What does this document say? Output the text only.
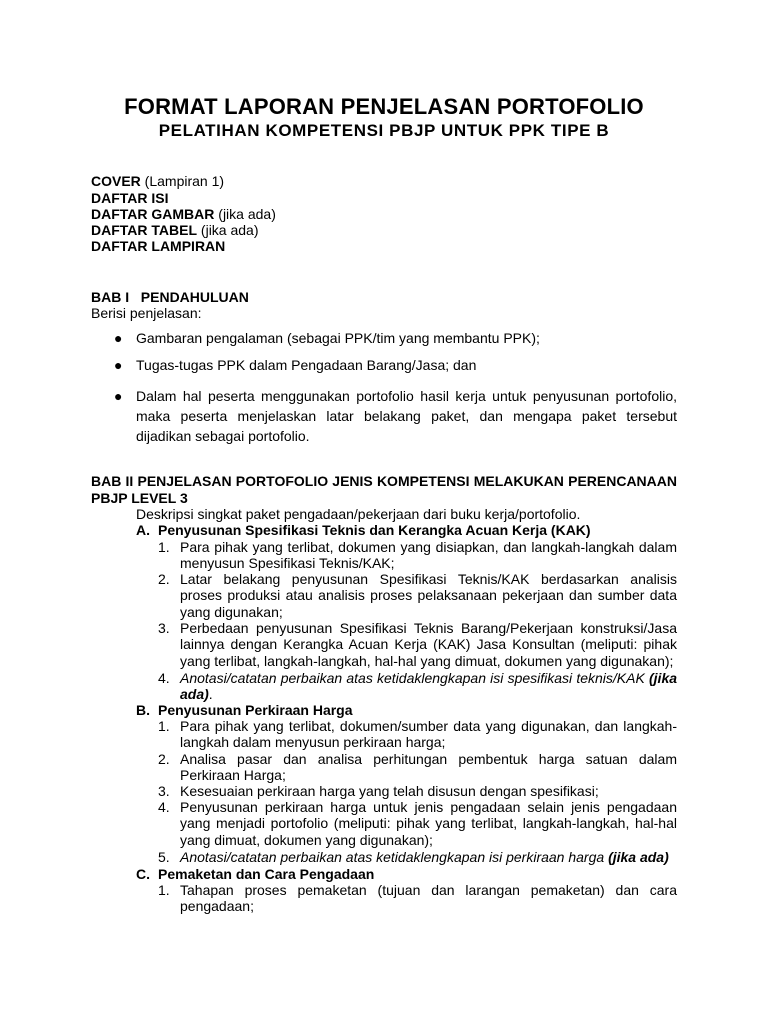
FORMAT LAPORAN PENJELASAN PORTOFOLIO
PELATIHAN KOMPETENSI PBJP UNTUK PPK TIPE B
COVER (Lampiran 1)
DAFTAR ISI
DAFTAR GAMBAR (jika ada)
DAFTAR TABEL (jika ada)
DAFTAR LAMPIRAN
BAB I   PENDAHULUAN
Berisi penjelasan:
● Gambaran pengalaman (sebagai PPK/tim yang membantu PPK);
● Tugas-tugas PPK dalam Pengadaan Barang/Jasa; dan
● Dalam hal peserta menggunakan portofolio hasil kerja untuk penyusunan portofolio, maka peserta menjelaskan latar belakang paket, dan mengapa paket tersebut dijadikan sebagai portofolio.
BAB II PENJELASAN PORTOFOLIO JENIS KOMPETENSI MELAKUKAN PERENCANAAN PBJP LEVEL 3
Deskripsi singkat paket pengadaan/pekerjaan dari buku kerja/portofolio.
A. Penyusunan Spesifikasi Teknis dan Kerangka Acuan Kerja (KAK)
1. Para pihak yang terlibat, dokumen yang disiapkan, dan langkah-langkah dalam menyusun Spesifikasi Teknis/KAK;
2. Latar belakang penyusunan Spesifikasi Teknis/KAK berdasarkan analisis proses produksi atau analisis proses pelaksanaan pekerjaan dan sumber data yang digunakan;
3. Perbedaan penyusunan Spesifikasi Teknis Barang/Pekerjaan konstruksi/Jasa lainnya dengan Kerangka Acuan Kerja (KAK) Jasa Konsultan (meliputi: pihak yang terlibat, langkah-langkah, hal-hal yang dimuat, dokumen yang digunakan);
4. Anotasi/catatan perbaikan atas ketidaklengkapan isi spesifikasi teknis/KAK (jika ada).
B. Penyusunan Perkiraan Harga
1. Para pihak yang terlibat, dokumen/sumber data yang digunakan, dan langkah-langkah dalam menyusun perkiraan harga;
2. Analisa pasar dan analisa perhitungan pembentuk harga satuan dalam Perkiraan Harga;
3. Kesesuaian perkiraan harga yang telah disusun dengan spesifikasi;
4. Penyusunan perkiraan harga untuk jenis pengadaan selain jenis pengadaan yang menjadi portofolio (meliputi: pihak yang terlibat, langkah-langkah, hal-hal yang dimuat, dokumen yang digunakan);
5. Anotasi/catatan perbaikan atas ketidaklengkapan isi perkiraan harga (jika ada)
C. Pemaketan dan Cara Pengadaan
1. Tahapan proses pemaketan (tujuan dan larangan pemaketan) dan cara pengadaan;
